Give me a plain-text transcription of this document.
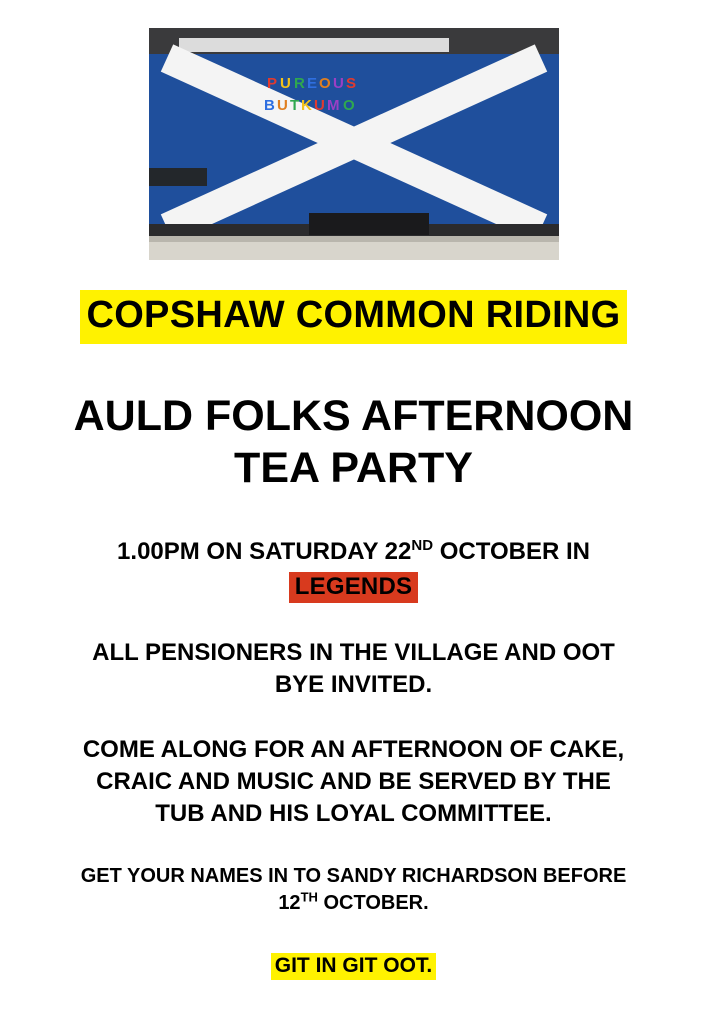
P U R E O U S
B U T K U M O
COPSHAW COMMON RIDING
AULD FOLKS AFTERNOON
TEA PARTY
1.00PM ON SATURDAY 22ND OCTOBER IN
LEGENDS
ALL PENSIONERS IN THE VILLAGE AND OOT
BYE INVITED.
COME ALONG FOR AN AFTERNOON OF CAKE,
CRAIC AND MUSIC AND BE SERVED BY THE
TUB AND HIS LOYAL COMMITTEE.
GET YOUR NAMES IN TO SANDY RICHARDSON BEFORE
12TH OCTOBER.
GIT IN GIT OOT.
